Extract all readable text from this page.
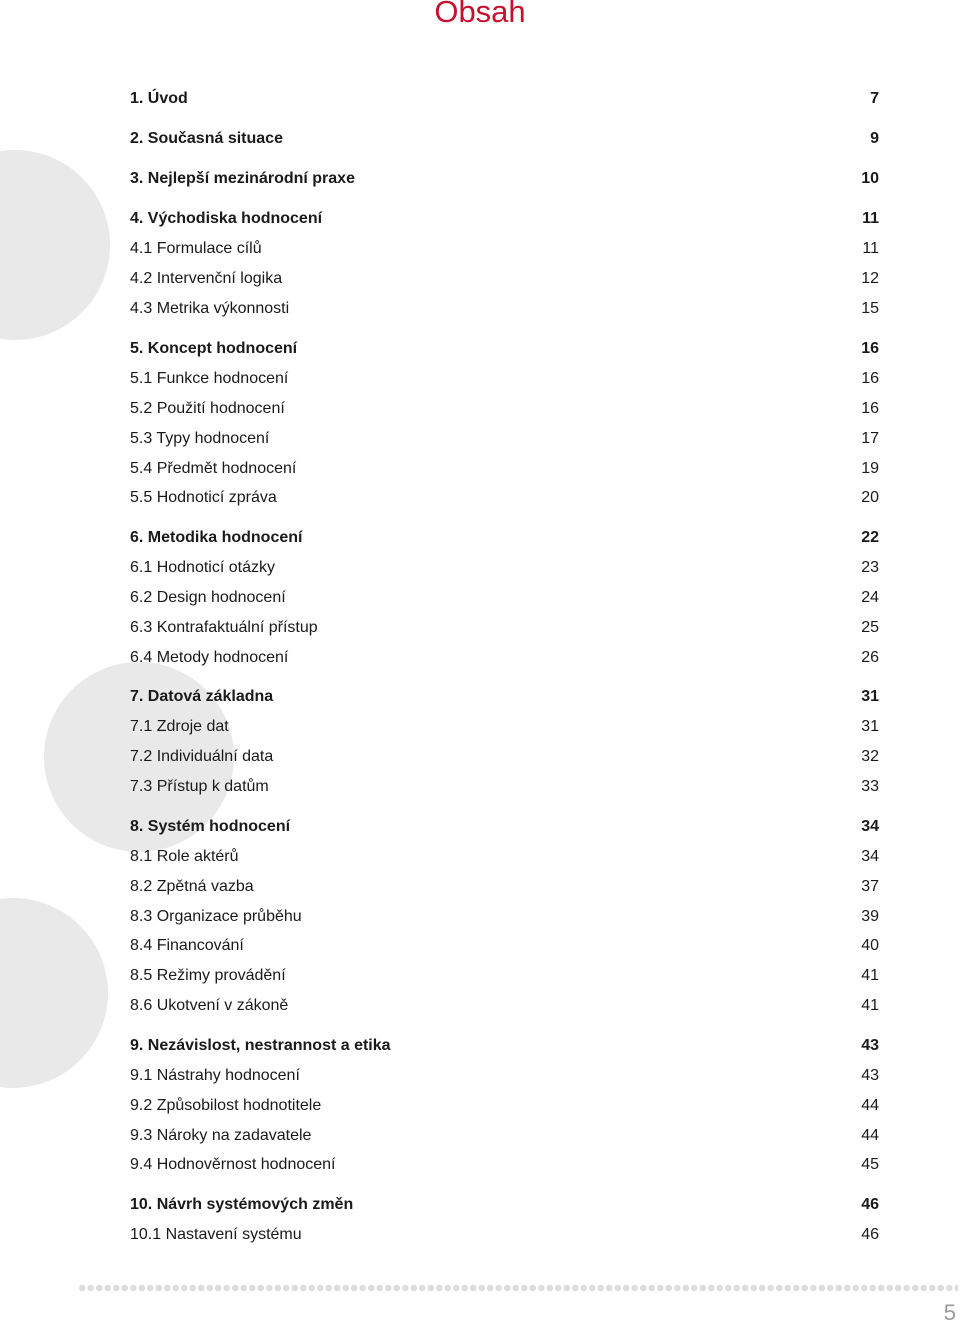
Obsah
1. Úvod	7
2. Současná situace	9
3. Nejlepší mezinárodní praxe	10
4. Východiska hodnocení	11
4.1 Formulace cílů	11
4.2 Intervenční logika	12
4.3 Metrika výkonnosti	15
5. Koncept hodnocení	16
5.1 Funkce hodnocení	16
5.2 Použití hodnocení	16
5.3 Typy hodnocení	17
5.4 Předmět hodnocení	19
5.5 Hodnoticí zpráva	20
6. Metodika hodnocení	22
6.1 Hodnoticí otázky	23
6.2 Design hodnocení	24
6.3 Kontrafaktuální přístup	25
6.4 Metody hodnocení	26
7. Datová základna	31
7.1 Zdroje dat	31
7.2 Individuální data	32
7.3 Přístup k datům	33
8. Systém hodnocení	34
8.1 Role aktérů	34
8.2 Zpětná vazba	37
8.3 Organizace průběhu	39
8.4 Financování	40
8.5 Režimy provádění	41
8.6 Ukotvení v zákoně	41
9. Nezávislost, nestrannost a etika	43
9.1 Nástrahy hodnocení	43
9.2 Způsobilost hodnotitele	44
9.3 Nároky na zadavatele	44
9.4 Hodnověrnost hodnocení	45
10. Návrh systémových změn	46
10.1 Nastavení systému	46
5
